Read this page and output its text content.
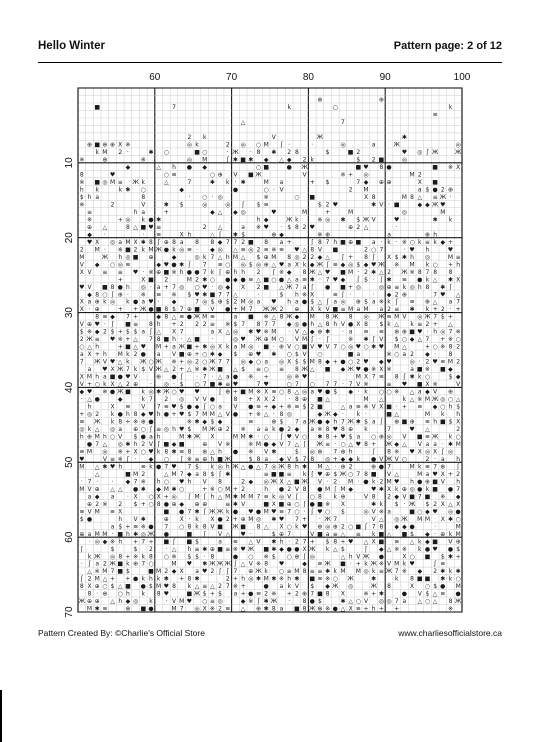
Hello Winter	Pattern page: 2 of 12
60	70	80	90	100
10
20
30
40
50
60
70
⊕	⊕
■	7	k	○	k
≡
△	7
2 k	V	Ж	✱
⊕ ■ ⊕ ⊕ X ※	◎ k	2 ◎ ○ M ʃ ·	·	◎	a	Ж	◎
k M 2 ·	✱ ○	■ ○	· Ж · 8 ✱ 2 8	$	■ 2	♥ ◎ ʃ Ж	Ж
※	⊕	※	◎ M	ʃ ✱ ■ ✱ ◆ △ ◆ 2 k	$ 2 ■	◎
◆	△ h ● ◆	○ ■	● Ж	■ ♥ 8 ●	■ ※ X
8	♥	○ ≡	○ ⊕ V ■ Ж	V	※ + ◎	M 2
※ ■ ◎ M ≡ Ж k	△	7	✱ k · ✱	M a	+ $	7 ◆ ⊕ ⊕	X ■
h k	k ✱ ○	◆	●	○ · V	2 M	·	a $ ● 2 ⊕
$ h a	8	· ○ · ◎	※	○ ■	X 8	M 8 △ ≡ Ж ·
※	2	V	✱ $	◎	◎ ʃ $ ≡	$ 2 ♥	✱ V · ■	◆ ◆ Ж ♥
≡	h a	+	◆ △ ◆ ◎	♥	M	+	M	◎	M
※	+ ◎ k ● ✱	h ◆	Ж k	※ ◎ ✱ $ Ж V	♥ ·	✱ k
⊕ △	8 △ ■ ♥ ≡	2 △	a ※ ♥ · $ 8 2 ♥	⊕ 2 △	·
◆ ·	· ≡	X h	△ ʃ ✱ $	⊕ ◆	※ ⊕	a	⊕ h
♥ X ◎ a M X ✱ 8 ʃ ⊕ 8 a 8 8 ◆ 7 7 2 ■ 8 a +	ʃ 8 7 h ■ ⊕ ■ a · k · ※ ○ k ≡ k ◆ +
2 M · ※ ■ 2 k M Ж ● k ◎ ≡ · ◆ ◎ △ ≡ ◎ 2 ≡ ※ ≡ ♥ △ 8 V ■	2 ○ 7	· ♥ h	♥
M	Ж h ◎ ■ ⊕	◆	◎ k 7 △ h M △ $ ⊕ M 8 ◎ 2 2 ◆ △ ʃ + 8 ʃ X $ ✱ h ◎	M ≡
V ◆ ○ ◎ ≡	◆ ♥ ● ✱ ʃ 7 ≡ ○ ◎ $ ◎ ⊕ △ ♥ a X k ◆ Ж ʃ ≡ ◆ ◎ $ ◆ ♥ Ж ※ M k ○ + h
X V ≡ ≡ ♥ · ※ ⊕ ■ ※ h ● ● 7 k ʃ ⊕ h h 2 ʃ ※ ◆ 8 Ж △ ♥ ■ M · 2 ✱ △ 2 Ж ※ 8 7 8 8
+	X ■ 2	M 2 ✱ ○ ● ◆ ● ≡ △ ■ ○ ● △ a ≡ ✱ · 7 ♥ ◆ ʃ $ · ʃ ✱ ≡ ● k △ ✱ X
♥ V ■ 8 ● h ◎ · a + 7 ◎ ○ ♥ · ◎ ◆ X 2 ■ △ Ж 7 a ʃ ● ■ + ◎	◎ ⊕ ≡ k ◎ h 8 ✱ ʃ
◆ 8 ○ ʃ ⊕ · ※ ≡ ※ $ ♥ ✱ ■ 7 7 △	·	$ h ※ X	≡ ʃ ·	· ◆ 2 ⊕	7 ♥ △
X a ⊕ k ◎ k ● a ♥ · ◆	7 ◎ $ ⊕ $ 2 M ◎ a ♥ h a ● $ △ ʃ a ◎ ⊕ $ a ※ k ʃ ≡ ⊕ △ a 7
X · ⊕	+ + Ж ● ■ 8 $ 7 ⊕ ■ V ● + M 7 Ж Ж 2 ⊕ X k V ■ ≡ M a M a 2 ≡ ✱ k + 2 · +
8 ≡ ◆ 7 +	◆ 8 △ ≡ ● Ж M ≡	a ■ ※ △ 8 Ж ◆ M 8 Ж 8 ◎ Ж ≡ M V ◎ Ж 7 $ +
V ⊕ ♥ · ʃ ■ ≡ 8 h + 2 2 2 ≡ ※ $ 7 8 7 7 ◆ ◎ ● h △ 8 h V ● X 8 $ k △ k ≡ 2 + △
$ ※ ◆ 2 $ + $ $ a ʃ △ X 7	a X △ ◎ ✱ ♥ ※ M · V △ ◆ ⊕ ✱ · a ≡ ≡ ⊕ ⊕ ■ ♥ · h ◎ 7 ※
2 Ж ≡ ♥ ※ + △ 7 8 ■ h · △ ■ ·	◎ ♥ Ж ⊕ M ○ V M ʃ · ʃ	※ ✱ ʃ V $ ○ ◆ △ 7 + ※ ○
○ △ h	+ ■ △ ♥ M + a Ж ■ + ✱ ◎ X k a M ◎ · ■ · ⊕ V ○ ■ V ♥ V 7 ○ ◎ ♥ ○ ✱ ♥ M △	+ ○ ※ 8 2
a X + h M k 2 ● a V ■ ⊕ + ○ ✱ ◆ $ ⊕ ♥ ✱ ○ $ V ○	■ a	※ ○ a 2 ◆ · 8
7 Ж V ♥ △ k Ж ○ Ж ※ + ◎ 2 ○ Ж 7 7 ◎ ◆ ○ a ◎ X $ $ M 8 ◆ + ● ○ 2 ♥ ◆ ♥	◎ · 2 ♥ ≡ M 2
a ♥ X Ж 7 k $ V Ж △ 2 + △ ※ ✱ Ж ■ △ $ ≡ ○ ≡ 8 Ж △ ■ ◆ Ж ♥ ● ※ X ※	a ■ ※ ■ ◆
X M h a ■ ● ♥ V	⊕ ● ʃ · 7 · △ a ● ※ +	◎ ※ ♥	M X 7 ≡ 8 ʃ ✱ k ○	$ ◆
V + ○ k X △ 2 ⊕ · ◎ · $ ○ 7 ■ ✱ ≡ ♥	7 ♥	○ 7 ○ 7 7 · 7 V ※	≡ ♥ ■ X ※	V
◆ ♥ ※ ● Ж ■ k ◎ ✱ Ж ○ ♥ ♥	ʃ ⊕ + ■ M ※ X ≡ ○ 8 △ ◎ a ♥ ● $ ◆ · k ○ ○ ※ △ a ◆ V ⊕
· △ ●	◆	k 7 2 ◎ V V ●	8 + X X 2 · 8 ⊕ ■ △	M △	k △ ※ M Ж ◎ ○ △
h	X ≡ V 7 ≡ ♥ $ ● ◆ ʃ ○ a V ● ≡ + ◆ + ※ ≡ $ 2 ■	△ a ≡ ※ V X ■ · + ≡ ◆ ○ h $
+ ◎ 2 k ● h 8 ◆ ♥ h ● + ♥ $ 7 M M △ V ● + ※ △ · 8 ◎	◆ Ж ◆ · k ·	■ △	M k h
≡ Ж k 8 + ※ ⊕ ●	※ ✱ ◆ $ ◆	≡	⊕ $ 7 a Ж ● ◆ h 7 Ж ✱ $ a ʃ ⊕ ■ ⊕ ≡ h ■ $ X
◎ k △ ◎ a ⊕ ○ ʃ ≡ ◎ h ♥ $ M Ж ⊕ 2 ※ a a k ● 2 ◆ a ※ 8 ♥ 8 ⊕ k	7	♥ △	2
h ⊕ M h ○ V $ ● a h	M ✱ Ж X	M M ✱ · ○ ʃ ♥ V ○ ✱ 8 + ♥ $ a ○ ⊕ ◎ V ■ ≡ Ж k ○
● 7 △ ◎ ✱ h 2 V ʃ ■ ◆ ■	⊕ V ※	※ M ● ◆ V 7 △ ʃ Ж ≡ · ○ △ ♥ 8 + Ж ◆ △ V a a · ✱ M
≡ M ◎ ※ + X ○ ♥ k 8 ✱ ≡ 8 ⊕ △ h ● ※ V ✱	$ ◎ ⊕ 7 ⊕ h	ʃ 8 ※ ♥ X ◎ X ʃ ◎
♥	V ≡ ※ ʃ · ◆ ○ ʃ ※ ≡ ⊕ h ■ Ж	$ 8 a ◆ V $ 7 8 ◎ + ◆ ◆ k ● V Ж V ○	2 · a h
M △ ✱ ♥ h	≡ k ● 7 ♥ 7 $ k ◎ h Ж △ ● △ 7 ◎ Ж 8 h ✱ M △ · ⊕ 2	⊕ ● 7	M k ≡ 7 ⊕ ʃ
△	■ M 2	△ M 7 ◆ a 8 $ ʃ ✱	≡ ■ ■ ≡ k ʃ ♥ ⊕ $ Ж ○ 7 8 ■ V △	M a ♥ X + 2
· 7 · · ◆ 7 ※ h ○ ♥ h V 8	2 ◆ ◎ Ж X △ ■ Ж V · 2 M · ● k 2 M ♥ h ● ⊕ ■ V h
M V ⊕ △ △ ● ✱ ◆ M ✱ ○	+ ※ ○ M + 2	h ● 2 V 8 ● M ʃ M ◆	♥ ✱ X k ⊕ ◎ ● k ■ ● 7
a ◆ a · X ○ X + ◎ ʃ M ʃ h △ M ✱ M M 7 ≡ k ◎ V ʃ ○ 8 k ⊕	V 8 2 ◆ V ■ 7 ■ ※ ◆
⊕ 2 ※ 2 $ + ○ 8 ● ⊕ ◆ ⊕ ⊕	≡ ✱ V	■ X ■ ⊕ ○ ʃ ● ■ ※ X	✱ k $ · Ж $ 2 X △ X
≡ V M ≡ X	■ ● 7 ✱ ʃ Ж Ж k ● ♥ ● M ♥ ≡ 7 ○ · ʃ ♥ ○ $	◎ V ※ a	■ ○ ◆ ♥ ◎ ●
$ ●	h V ✱	⊕ X · k X ● 2 + ⊕ M ◎ ✱ ♥ 7 + · Ж 7	V △ ◎ Ж M M X ✱ ○
a $ + ≡ ※ ● 7 ○ 8 k 8 V ■ Ж ■ 8 △ X ○ k ♥ ⊕ ◎ ⊕ 2 ○ ■ ʃ 7 8 ◆ ◆ ●	·	M
⊕ a M M · ■ h ✱ ◎ Ж ●	■ ʃ V △ ♥ ·	$ ⊕ 7	V ■ a ≡ △ ≡ k ■ △ ■ $ ◆ · ⊕ k M
· ◎ ◆ ※ h + 7 + ■ ʃ ■ $	a ≡ △ V ✱ h · 2 7 + $ 8 + ♥ △ X ■ ≡ △ k ◆ ■ V ⊕
ʃ	$	$ 2 · △ h ≡ ✱ ⊕ ■ ≡ ※ ♥ Ж ■ ✱ ◆ ● ● X Ж k △ $	ʃ ◆ △ ※ ※ k ● ♥ ● $
k Ж ◎ 8 + ※ k 8 ○ ※ $ $ · 8	● ○ ※ $ ○ ⊕ ʃ ◎	△ h V Ж ●	X ○ ■ $ ✱ +
· ʃ a 2 Ж ■ k ⊕ 7 ○	M ♥ ✱ Ж Ж Ж ʃ △ V ※ 8 ♥	◆ ≡ Ж ■ · + k Ж ※ V M k ♥	ʃ ≡
△ ※ M 7 ■ $	■ M 2 ◆ X a ♥ 2 ʃ ʃ 7 ⊕ Ж k ○ ≡ M 8 ≡ ≡ ✱ k M M ◎ k ≡ Ж 7 ※ ◆ 2 ✱ k ✱
ʃ 2 M △ + + ● k h k ✱ + 8 ✱	2 + h ◎ ✱ M ✱ ※ h ✱ ■ ≡ ※ ○ Ж	✱	k 8 ■ ■ ✱ k ○
8 X ⊕ ○ $ △ ■ ● $ M ♥ 8 k △ ≡ △ 2 7 ※ +	● a k V $ ◆ Ж ◎	Ж 8	X ○ $ ● M
8 · ⊕ ○ h k 8 ♥	■ Ж $ + $ a + ● ≡ 2 ※ + 2 ⊕ 7 ■ 8 X	※ + ✱	● V $ △ ≡ ●
Ж ⊕ ⊕ △ h ◆ ◎ k · V M ♥ ○ ≡ ◎	◆ ※ ʃ ✱ Ж · 8 ● $	✱ △ ○ V ◎ ◎ 7 a △ ○ △ 8 Ж
M ✱ ≡	⊕ ■ ●	M 7 ◎ X ※ 2 ≡ △ ⊕ ✱ 8 a ■ 8 Ж ⊕ ※ ● △ X ≡ + h + +	※
Pattern Created By: ©Charlie's Official Store	www.charliesofficialstore.ca
